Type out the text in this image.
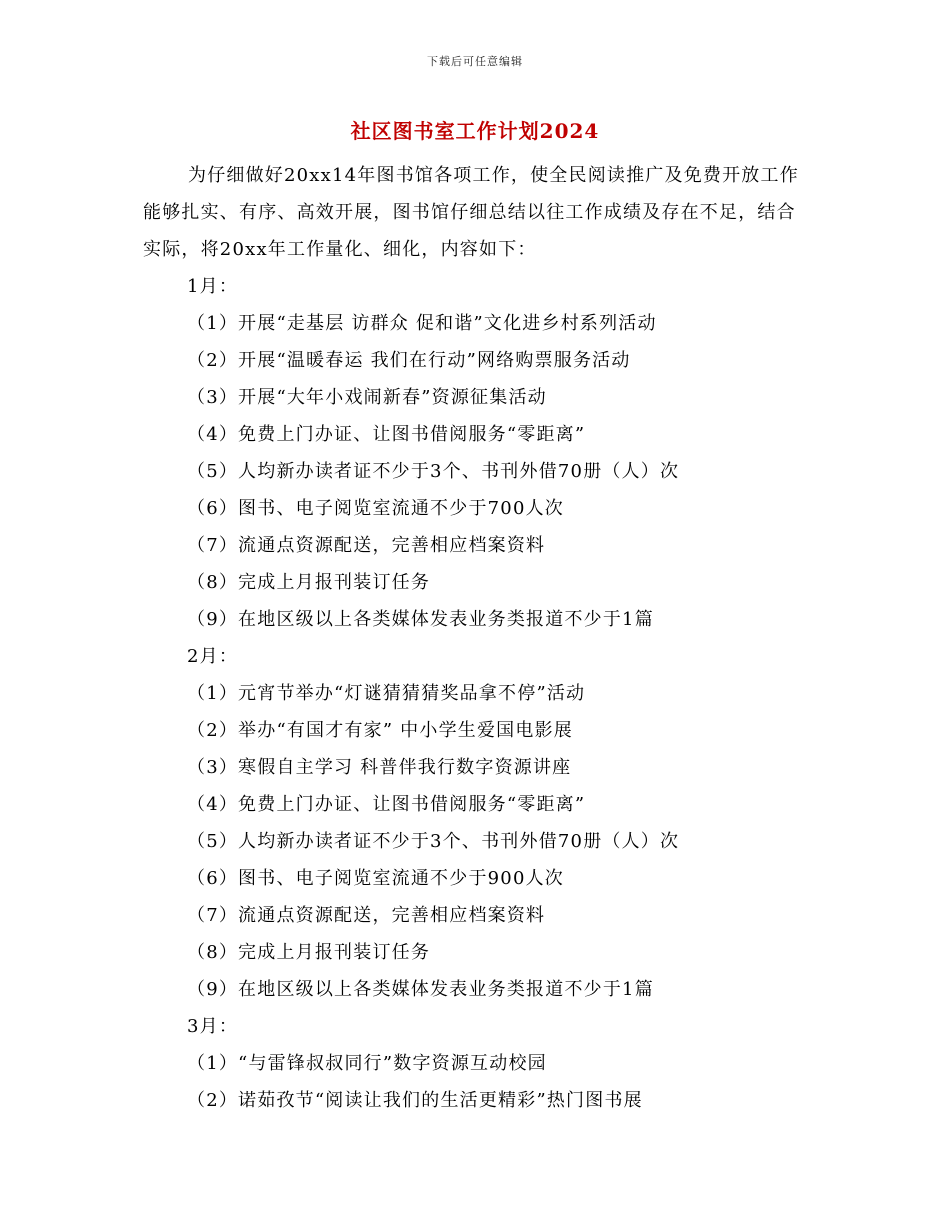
下载后可任意编辑
社区图书室工作计划2024

为仔细做好20xx14年图书馆各项工作，使全民阅读推广及免费开放工作能够扎实、有序、高效开展，图书馆仔细总结以往工作成绩及存在不足，结合实际，将20xx年工作量化、细化，内容如下：

1月：
（1）开展“走基层 访群众 促和谐”文化进乡村系列活动
（2）开展“温暖春运 我们在行动”网络购票服务活动
（3）开展“大年小戏闹新春”资源征集活动
（4）免费上门办证、让图书借阅服务“零距离”
（5）人均新办读者证不少于3个、书刊外借70册（人）次
（6）图书、电子阅览室流通不少于700人次
（7）流通点资源配送，完善相应档案资料
（8）完成上月报刊装订任务
（9）在地区级以上各类媒体发表业务类报道不少于1篇
2月：
（1）元宵节举办“灯谜猜猜猜奖品拿不停”活动
（2）举办“有国才有家” 中小学生爱国电影展
（3）寒假自主学习 科普伴我行数字资源讲座
（4）免费上门办证、让图书借阅服务“零距离”
（5）人均新办读者证不少于3个、书刊外借70册（人）次
（6）图书、电子阅览室流通不少于900人次
（7）流通点资源配送，完善相应档案资料
（8）完成上月报刊装订任务
（9）在地区级以上各类媒体发表业务类报道不少于1篇
3月：
（1）“与雷锋叔叔同行”数字资源互动校园
（2）诺茹孜节“阅读让我们的生活更精彩”热门图书展
